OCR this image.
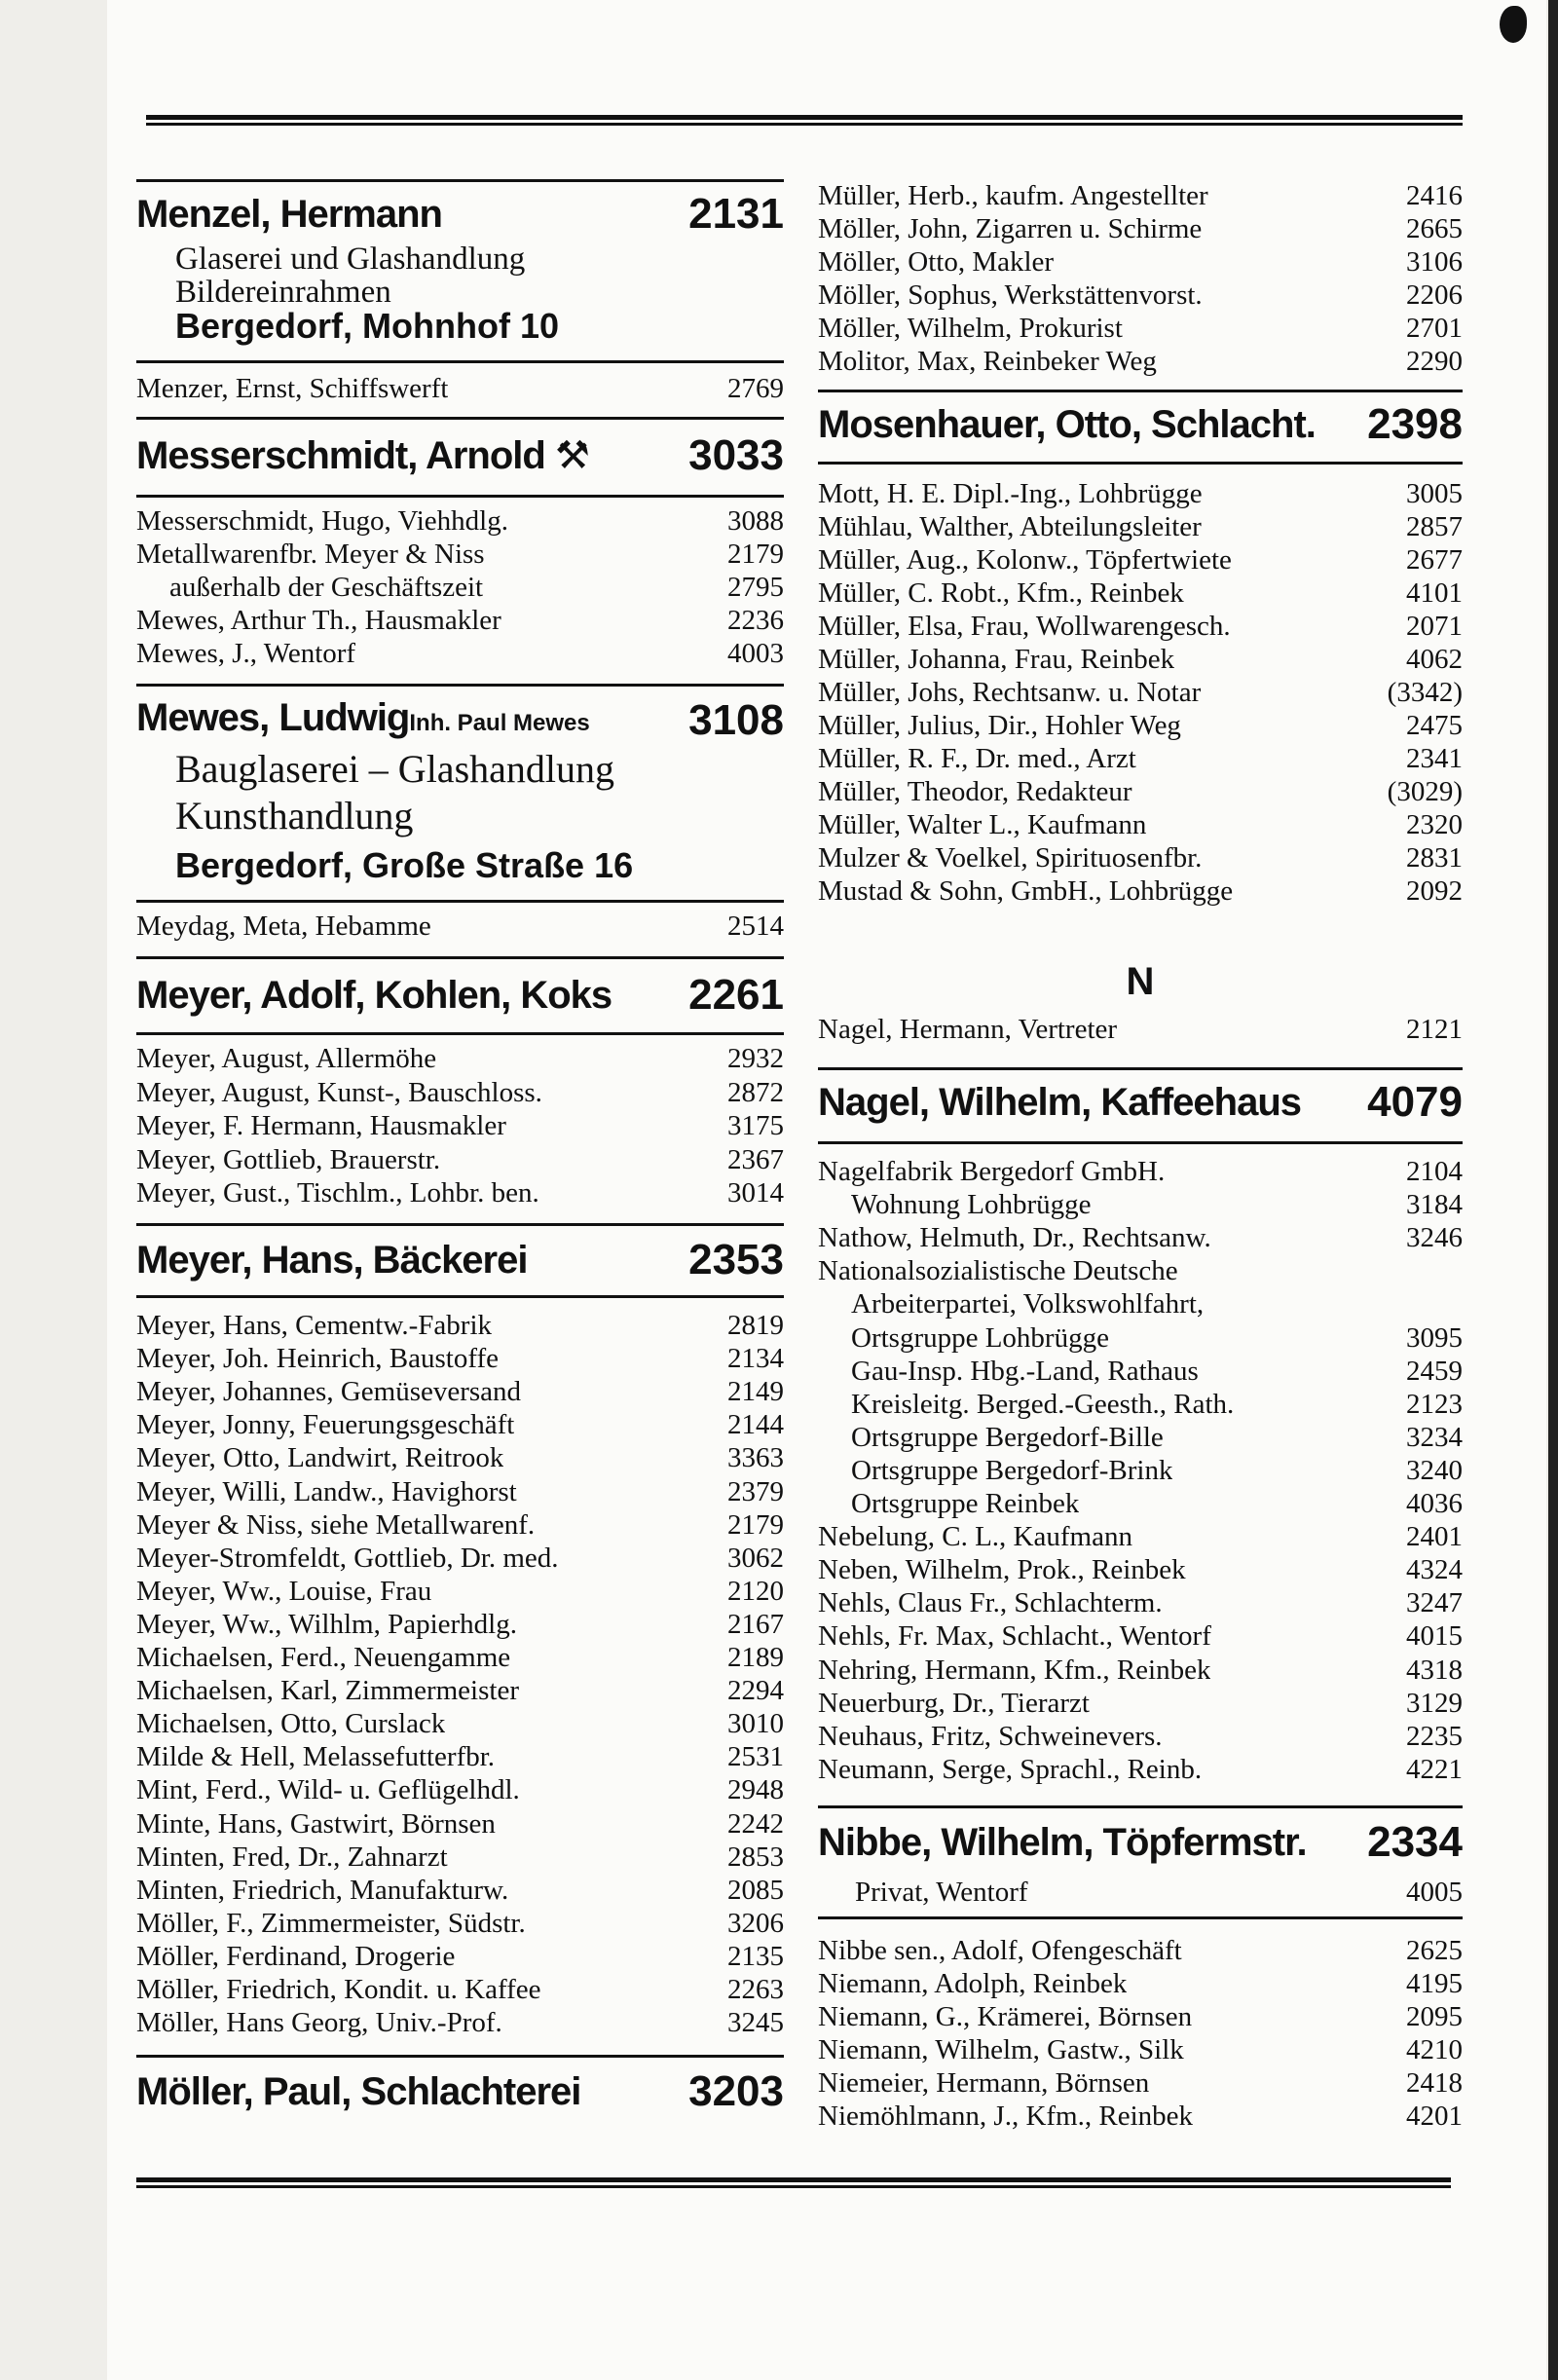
Menzel, Hermann	2131
Glaserei und Glashandlung
Bildereinrahmen
Bergedorf, Mohnhof 10
Menzer, Ernst, Schiffswerft	2769
Messerschmidt, Arnold ⚒ 3033
Messerschmidt, Hugo, Viehhdlg.	3088
Metallwarenfbr. Meyer & Niss	2179
außerhalb der Geschäftszeit	2795
Mewes, Arthur Th., Hausmakler	2236
Mewes, J., Wentorf	4003
Mewes, LudwigInh. Paul Mewes 3108
Bauglaserei – Glashandlung
Kunsthandlung
Bergedorf, Große Straße 16
Meydag, Meta, Hebamme	2514
Meyer, Adolf, Kohlen, Koks 2261
Meyer, August, Allermöhe	2932
Meyer, August, Kunst-, Bauschloss.	2872
Meyer, F. Hermann, Hausmakler	3175
Meyer, Gottlieb, Brauerstr.	2367
Meyer, Gust., Tischlm., Lohbr. ben.	3014
Meyer, Hans, Bäckerei	2353
Meyer, Hans, Cementw.-Fabrik	2819
Meyer, Joh. Heinrich, Baustoffe	2134
Meyer, Johannes, Gemüseversand	2149
Meyer, Jonny, Feuerungsgeschäft	2144
Meyer, Otto, Landwirt, Reitrook	3363
Meyer, Willi, Landw., Havighorst	2379
Meyer & Niss, siehe Metallwarenf.	2179
Meyer-Stromfeldt, Gottlieb, Dr. med.	3062
Meyer, Ww., Louise, Frau	2120
Meyer, Ww., Wilhlm, Papierhdlg.	2167
Michaelsen, Ferd., Neuengamme	2189
Michaelsen, Karl, Zimmermeister	2294
Michaelsen, Otto, Curslack	3010
Milde & Hell, Melassefutterfbr.	2531
Mint, Ferd., Wild- u. Geflügelhdl.	2948
Minte, Hans, Gastwirt, Börnsen	2242
Minten, Fred, Dr., Zahnarzt	2853
Minten, Friedrich, Manufakturw.	2085
Möller, F., Zimmermeister, Südstr.	3206
Möller, Ferdinand, Drogerie	2135
Möller, Friedrich, Kondit. u. Kaffee	2263
Möller, Hans Georg, Univ.-Prof.	3245
Möller, Paul, Schlachterei	3203
Müller, Herb., kaufm. Angestellter	2416
Möller, John, Zigarren u. Schirme	2665
Möller, Otto, Makler	3106
Möller, Sophus, Werkstättenvorst.	2206
Möller, Wilhelm, Prokurist	2701
Molitor, Max, Reinbeker Weg	2290
Mosenhauer, Otto, Schlacht. 2398
Mott, H. E. Dipl.-Ing., Lohbrügge	3005
Mühlau, Walther, Abteilungsleiter	2857
Müller, Aug., Kolonw., Töpfertwiete	2677
Müller, C. Robt., Kfm., Reinbek	4101
Müller, Elsa, Frau, Wollwarengesch.	2071
Müller, Johanna, Frau, Reinbek	4062
Müller, Johs, Rechtsanw. u. Notar	(3342)
Müller, Julius, Dir., Hohler Weg	2475
Müller, R. F., Dr. med., Arzt	2341
Müller, Theodor, Redakteur	(3029)
Müller, Walter L., Kaufmann	2320
Mulzer & Voelkel, Spirituosenfbr.	2831
Mustad & Sohn, GmbH., Lohbrügge	2092
N
Nagel, Hermann, Vertreter	2121
Nagel, Wilhelm, Kaffeehaus 4079
Nagelfabrik Bergedorf GmbH.	2104
Wohnung Lohbrügge	3184
Nathow, Helmuth, Dr., Rechtsanw.	3246
Nationalsozialistische Deutsche
Arbeiterpartei, Volkswohlfahrt,
Ortsgruppe Lohbrügge	3095
Gau-Insp. Hbg.-Land, Rathaus	2459
Kreisleitg. Berged.-Geesth., Rath.	2123
Ortsgruppe Bergedorf-Bille	3234
Ortsgruppe Bergedorf-Brink	3240
Ortsgruppe Reinbek	4036
Nebelung, C. L., Kaufmann	2401
Neben, Wilhelm, Prok., Reinbek	4324
Nehls, Claus Fr., Schlachterm.	3247
Nehls, Fr. Max, Schlacht., Wentorf	4015
Nehring, Hermann, Kfm., Reinbek	4318
Neuerburg, Dr., Tierarzt	3129
Neuhaus, Fritz, Schweinevers.	2235
Neumann, Serge, Sprachl., Reinb.	4221
Nibbe, Wilhelm, Töpfermstr. 2334
Privat, Wentorf	4005
Nibbe sen., Adolf, Ofengeschäft	2625
Niemann, Adolph, Reinbek	4195
Niemann, G., Krämerei, Börnsen	2095
Niemann, Wilhelm, Gastw., Silk	4210
Niemeier, Hermann, Börnsen	2418
Niemöhlmann, J., Kfm., Reinbek	4201
